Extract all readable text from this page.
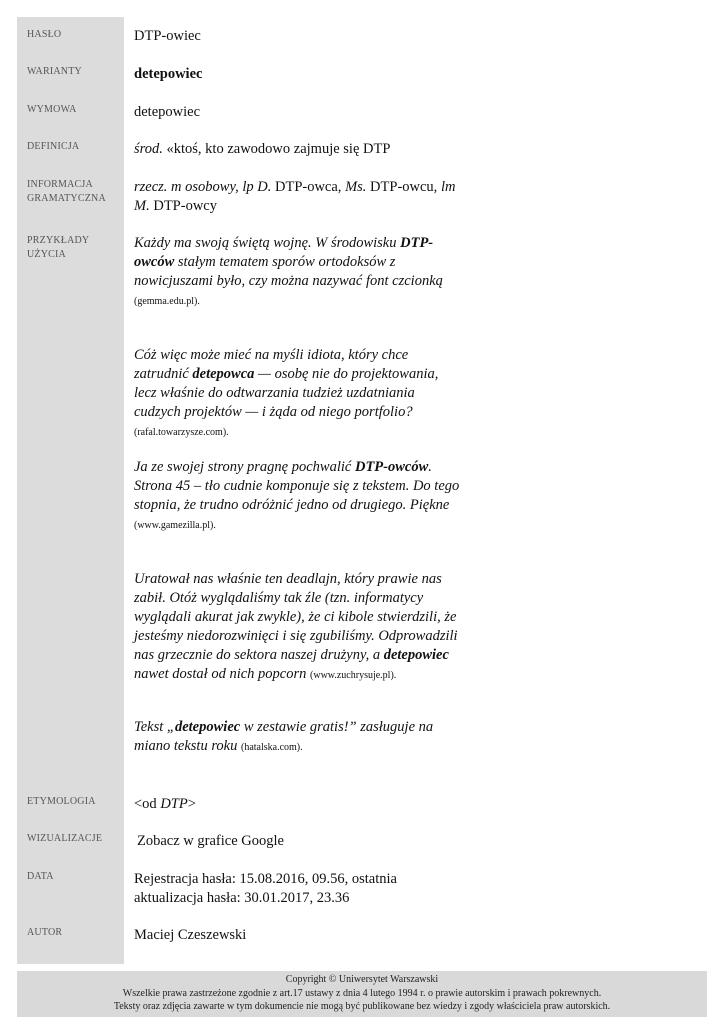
HASŁO
WARIANTY
WYMOWA
DEFINICJA
INFORMACJA
GRAMATYCZNA
PRZYKŁADY
UŻYCIA
ETYMOLOGIA
WIZUALIZACJE
DATA
AUTOR
DTP-owiec
detepowiec
detepowiec
środ. «ktoś, kto zawodowo zajmuje się DTP
rzecz. m osobowy, lp D. DTP-owca, Ms. DTP-owcu, lm M. DTP-owcy
Każdy ma swoją świętą wojnę. W środowisku DTP-owców stałym tematem sporów ortodoksów z nowicjuszami było, czy można nazywać font czcionką (gemma.edu.pl).
Cóż więc może mieć na myśli idiota, który chce zatrudnić detepowca — osobę nie do projektowania, lecz właśnie do odtwarzania tudzież uzdatniania cudzych projektów — i żąda od niego portfolio? (rafal.towarzysze.com).
Ja ze swojej strony pragnę pochwalić DTP-owców. Strona 45 – tło cudnie komponuje się z tekstem. Do tego stopnia, że trudno odróżnić jedno od drugiego. Piękne (www.gamezilla.pl).
Uratował nas właśnie ten deadlajn, który prawie nas zabił. Otóż wyglądaliśmy tak źle (tzn. informatycy wyglądali akurat jak zwykle), że ci kibole stwierdzili, że jesteśmy niedorozwinięci i się zgubiliśmy. Odprowadzili nas grzecznie do sektora naszej drużyny, a detepowiec nawet dostał od nich popcorn (www.zuchrysuje.pl).
Tekst „detepowiec w zestawie gratis!” zasługuje na miano tekstu roku (hatalska.com).
<od DTP>
Zobacz w grafice Google
Rejestracja hasła: 15.08.2016, 09.56, ostatnia
aktualizacja hasła: 30.01.2017, 23.36
Maciej Czeszewski
Copyright © Uniwersytet Warszawski
Wszelkie prawa zastrzeżone zgodnie z art.17 ustawy z dnia 4 lutego 1994 r. o prawie autorskim i prawach pokrewnych.
Teksty oraz zdjęcia zawarte w tym dokumencie nie mogą być publikowane bez wiedzy i zgody właściciela praw autorskich.
